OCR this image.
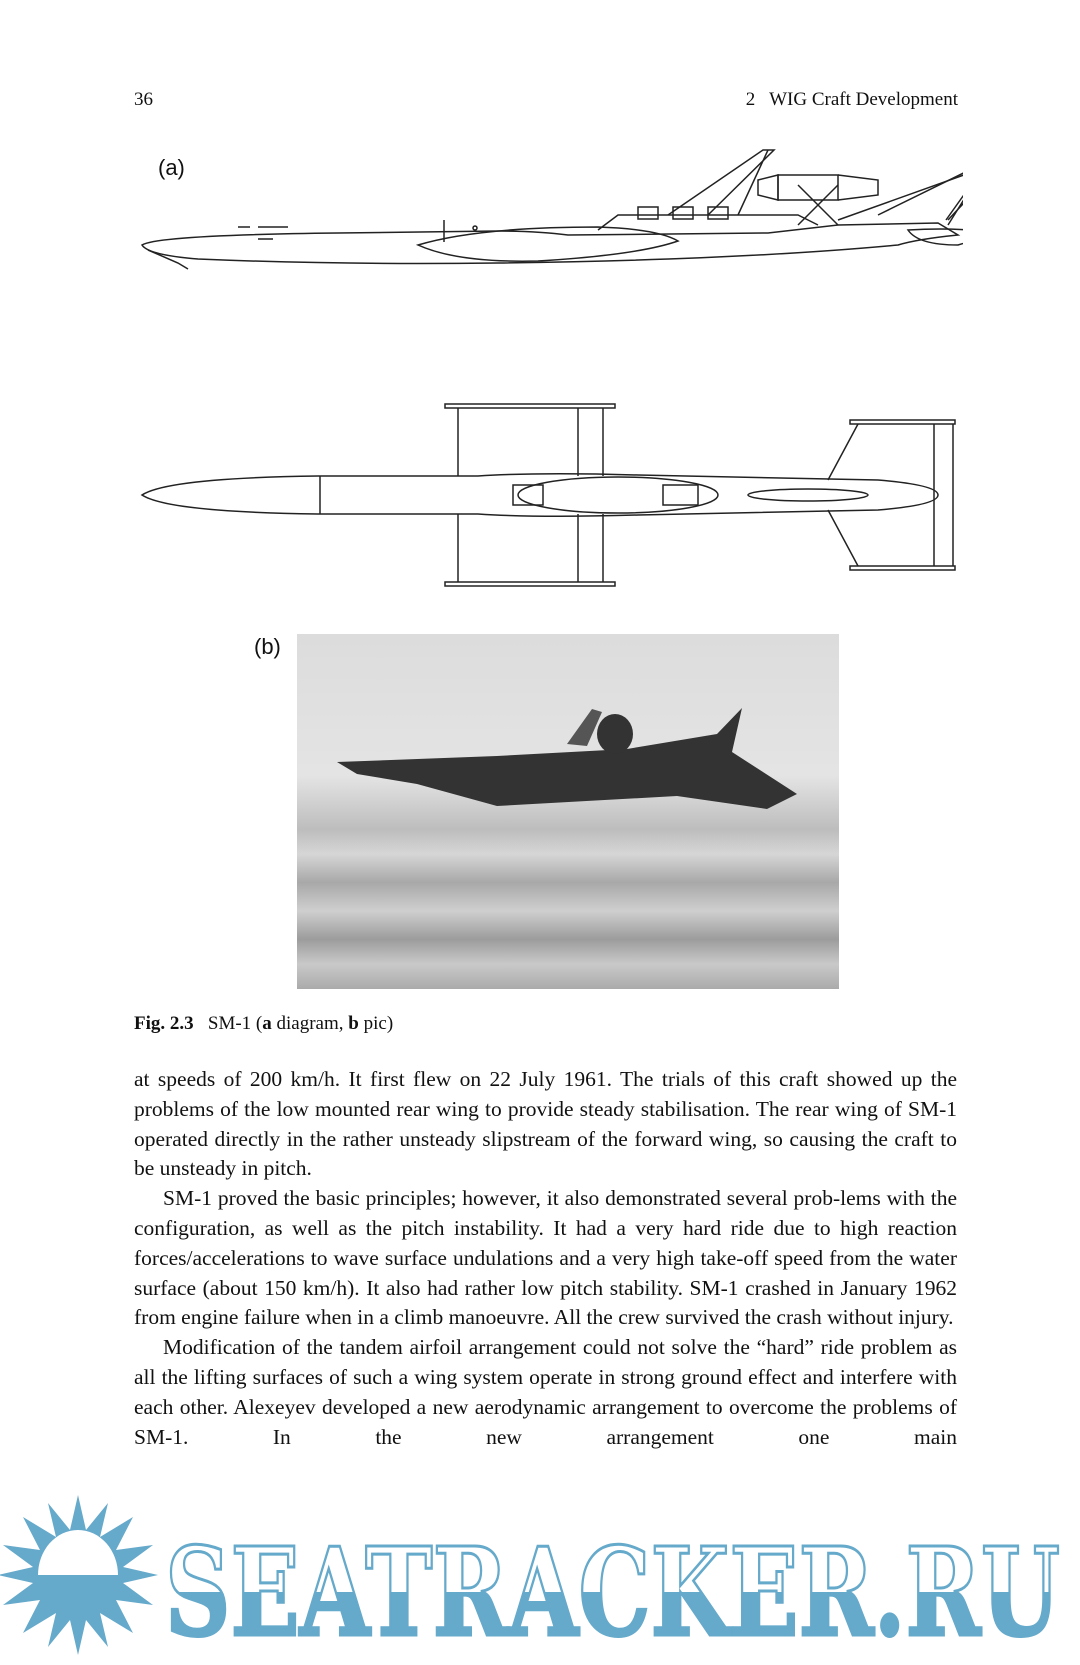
36	2   WIG Craft Development
(a)
(b)
Fig. 2.3 SM-1 (a diagram, b pic)

at speeds of 200 km/h. It first flew on 22 July 1961. The trials of this craft showed up the problems of the low mounted rear wing to provide steady stabilisation. The rear wing of SM-1 operated directly in the rather unsteady slipstream of the forward wing, so causing the craft to be unsteady in pitch.

SM-1 proved the basic principles; however, it also demonstrated several prob-lems with the configuration, as well as the pitch instability. It had a very hard ride due to high reaction forces/accelerations to wave surface undulations and a very high take-off speed from the water surface (about 150 km/h). It also had rather low pitch stability. SM-1 crashed in January 1962 from engine failure when in a climb manoeuvre. All the crew survived the crash without injury.

Modification of the tandem airfoil arrangement could not solve the “hard” ride problem as all the lifting surfaces of such a wing system operate in strong ground effect and interfere with each other. Alexeyev developed a new aerodynamic arrangement to overcome the problems of SM-1. In the new arrangement one main

SEATRACKER.RU
